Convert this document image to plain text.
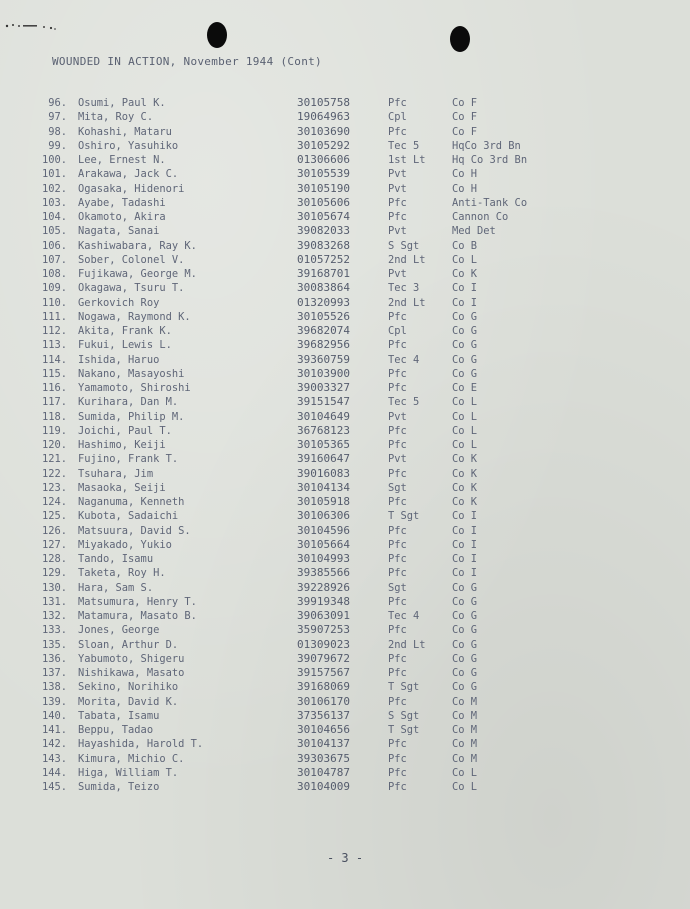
WOUNDED IN ACTION, November 1944 (Cont)
96. Osumi, Paul K.	30105758	Pfc	Co F
97. Mita, Roy C.	19064963	Cpl	Co F
98. Kohashi, Mataru	30103690	Pfc	Co F
99. Oshiro, Yasuhiko	30105292	Tec 5	HqCo 3rd Bn
100. Lee, Ernest N.	01306606	1st Lt	Hq Co 3rd Bn
101. Arakawa, Jack C.	30105539	Pvt	Co H
102. Ogasaka, Hidenori	30105190	Pvt	Co H
103. Ayabe, Tadashi	30105606	Pfc	Anti-Tank Co
104. Okamoto, Akira	30105674	Pfc	Cannon Co
105. Nagata, Sanai	39082033	Pvt	Med Det
106. Kashiwabara, Ray K.	39083268	S Sgt	Co B
107. Sober, Colonel V.	01057252	2nd Lt	Co L
108. Fujikawa, George M.	39168701	Pvt	Co K
109. Okagawa, Tsuru T.	30083864	Tec 3	Co I
110. Gerkovich Roy	01320993	2nd Lt	Co I
111. Nogawa, Raymond K.	30105526	Pfc	Co G
112. Akita, Frank K.	39682074	Cpl	Co G
113. Fukui, Lewis L.	39682956	Pfc	Co G
114. Ishida, Haruo	39360759	Tec 4	Co G
115. Nakano, Masayoshi	30103900	Pfc	Co G
116. Yamamoto, Shiroshi	39003327	Pfc	Co E
117. Kurihara, Dan M.	39151547	Tec 5	Co L
118. Sumida, Philip M.	30104649	Pvt	Co L
119. Joichi, Paul T.	36768123	Pfc	Co L
120. Hashimo, Keiji	30105365	Pfc	Co L
121. Fujino, Frank T.	39160647	Pvt	Co K
122. Tsuhara, Jim	39016083	Pfc	Co K
123. Masaoka, Seiji	30104134	Sgt	Co K
124. Naganuma, Kenneth	30105918	Pfc	Co K
125. Kubota, Sadaichi	30106306	T Sgt	Co I
126. Matsuura, David S.	30104596	Pfc	Co I
127. Miyakado, Yukio	30105664	Pfc	Co I
128. Tando, Isamu	30104993	Pfc	Co I
129. Taketa, Roy H.	39385566	Pfc	Co I
130. Hara, Sam S.	39228926	Sgt	Co G
131. Matsumura, Henry T.	39919348	Pfc	Co G
132. Matamura, Masato B.	39063091	Tec 4	Co G
133. Jones, George	35907253	Pfc	Co G
135. Sloan, Arthur D.	01309023	2nd Lt	Co G
136. Yabumoto, Shigeru	39079672	Pfc	Co G
137. Nishikawa, Masato	39157567	Pfc	Co G
138. Sekino, Norihiko	39168069	T Sgt	Co G
139. Morita, David K.	30106170	Pfc	Co M
140. Tabata, Isamu	37356137	S Sgt	Co M
141. Beppu, Tadao	30104656	T Sgt	Co M
142. Hayashida, Harold T.	30104137	Pfc	Co M
143. Kimura, Michio C.	39303675	Pfc	Co M
144. Higa, William T.	30104787	Pfc	Co L
145. Sumida, Teizo	30104009	Pfc	Co L
- 3 -
